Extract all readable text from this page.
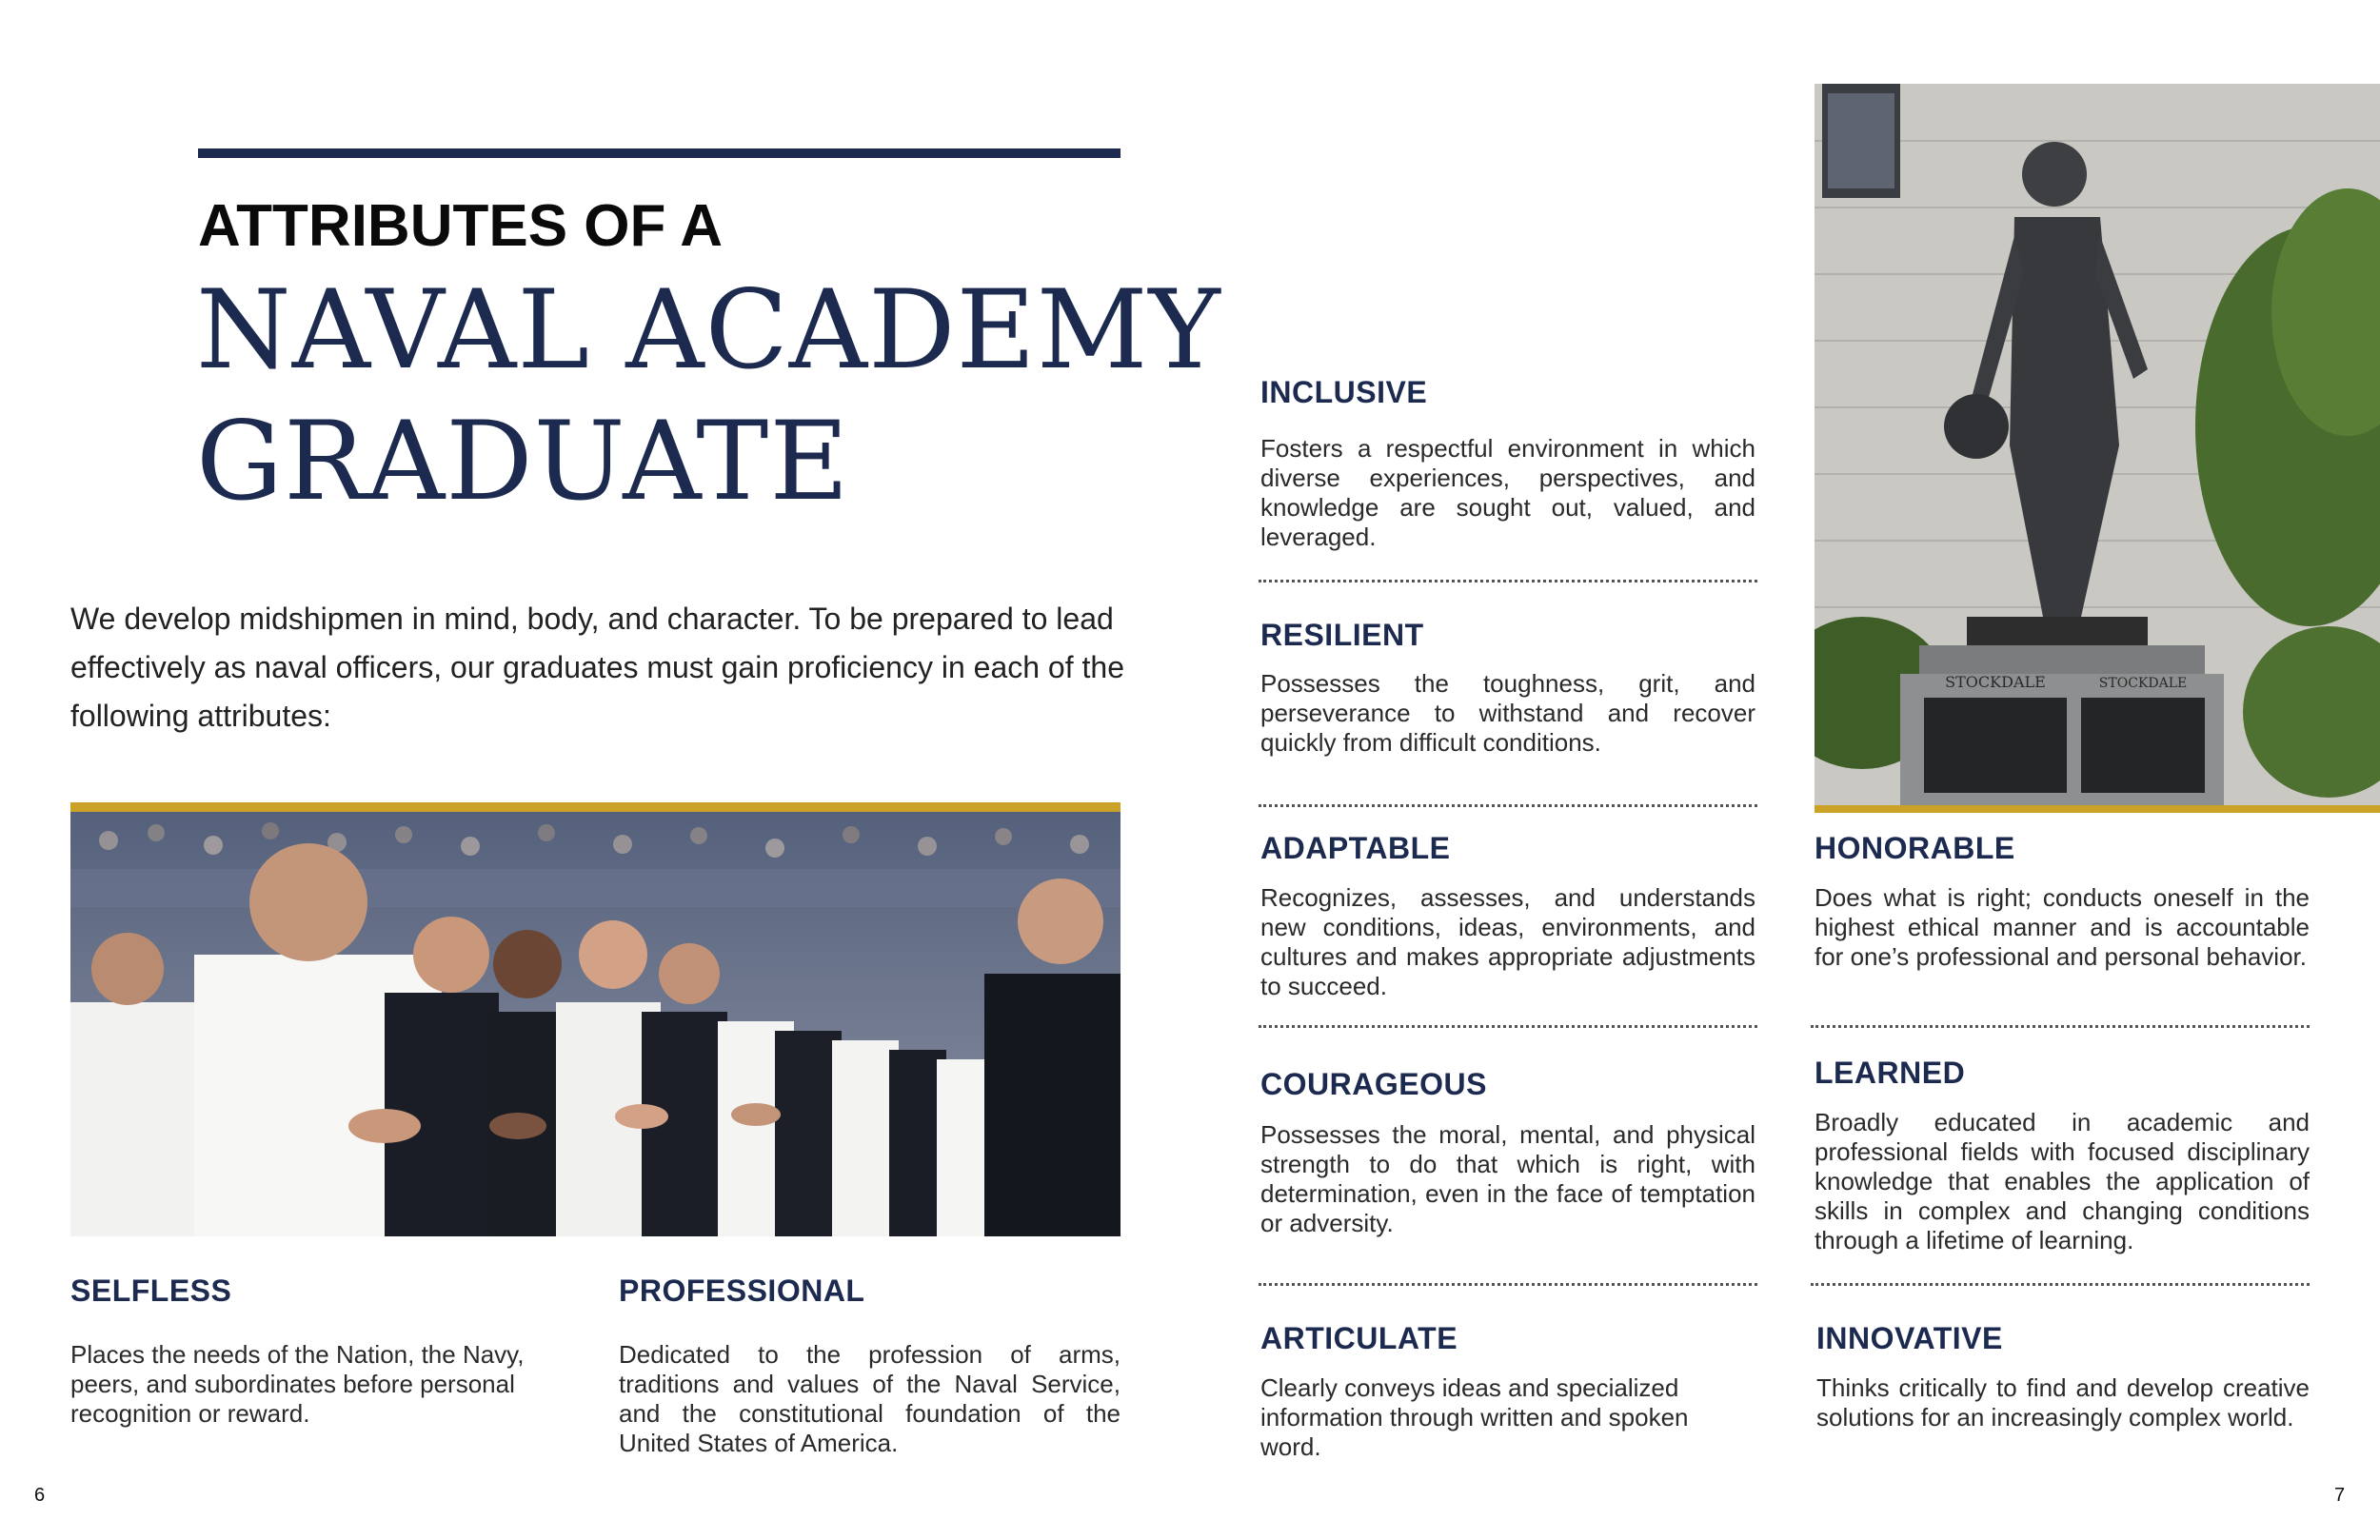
ATTRIBUTES OF A
NAVAL ACADEMY
GRADUATE
We develop midshipmen in mind, body, and character. To be prepared to lead effectively as naval officers, our graduates must gain proficiency in each of the following attributes:
SELFLESS
Places the needs of the Nation, the Navy, peers, and subordinates before personal recognition or reward.
PROFESSIONAL
Dedicated to the profession of arms, traditions and values of the Naval Service, and the constitutional foundation of the United States of America.
6
INCLUSIVE
Fosters a respectful environment in which diverse experiences, perspectives, and knowledge are sought out, valued, and leveraged.
RESILIENT
Possesses the toughness, grit, and perseverance to withstand and recover quickly from difficult conditions.
ADAPTABLE
Recognizes, assesses, and understands new conditions, ideas, environments, and cultures and makes appropriate adjustments to succeed.
COURAGEOUS
Possesses the moral, mental, and physical strength to do that which is right, with determination, even in the face of temptation or adversity.
ARTICULATE
Clearly conveys ideas and specialized information through written and spoken word.
STOCKDALE	STOCKDALE
HONORABLE
Does what is right; conducts oneself in the highest ethical manner and is accountable for one’s professional and personal behavior.
LEARNED
Broadly educated in academic and professional fields with focused disciplinary knowledge that enables the application of skills in complex and changing conditions through a lifetime of learning.
INNOVATIVE
Thinks critically to find and develop creative solutions for an increasingly complex world.
7
